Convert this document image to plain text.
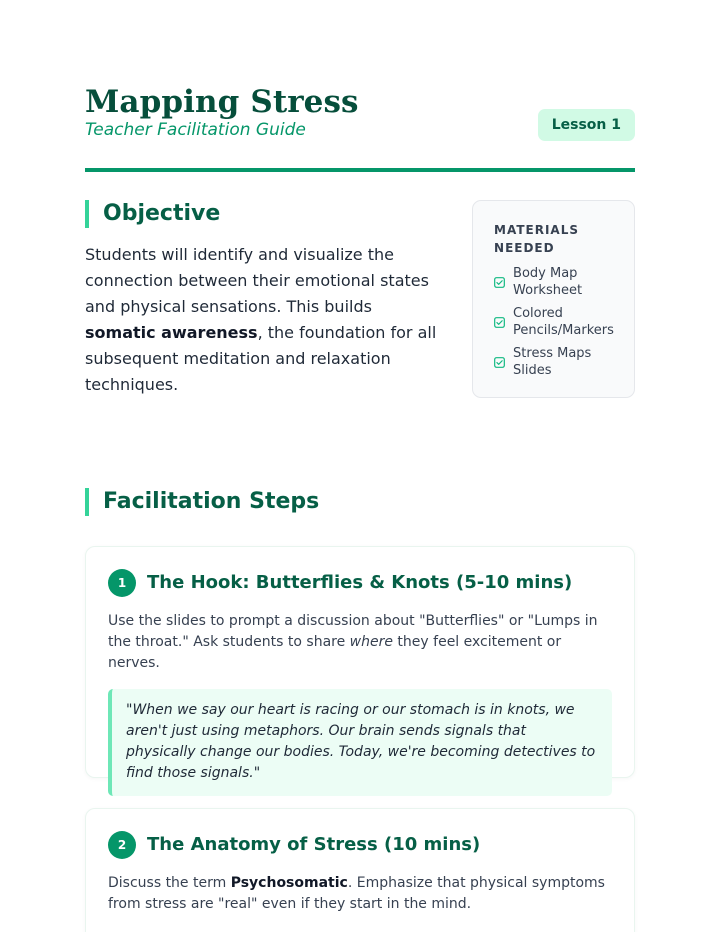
Mapping Stress
Teacher Facilitation Guide	Lesson 1
Objective

Students will identify and visualize the connection between their emotional states and physical sensations. This builds somatic awareness, the foundation for all subsequent meditation and relaxation techniques.

MATERIALS NEEDED
Body Map Worksheet
Colored Pencils/Markers
Stress Maps Slides
Facilitation Steps
1	The Hook: Butterflies & Knots (5-10 mins)

Use the slides to prompt a discussion about "Butterflies" or "Lumps in the throat." Ask students to share where they feel excitement or nerves.

"When we say our heart is racing or our stomach is in knots, we aren't just using metaphors. Our brain sends signals that physically change our bodies. Today, we're becoming detectives to find those signals."
2	The Anatomy of Stress (10 mins)

Discuss the term Psychosomatic. Emphasize that physical symptoms from stress are "real" even if they start in the mind.
